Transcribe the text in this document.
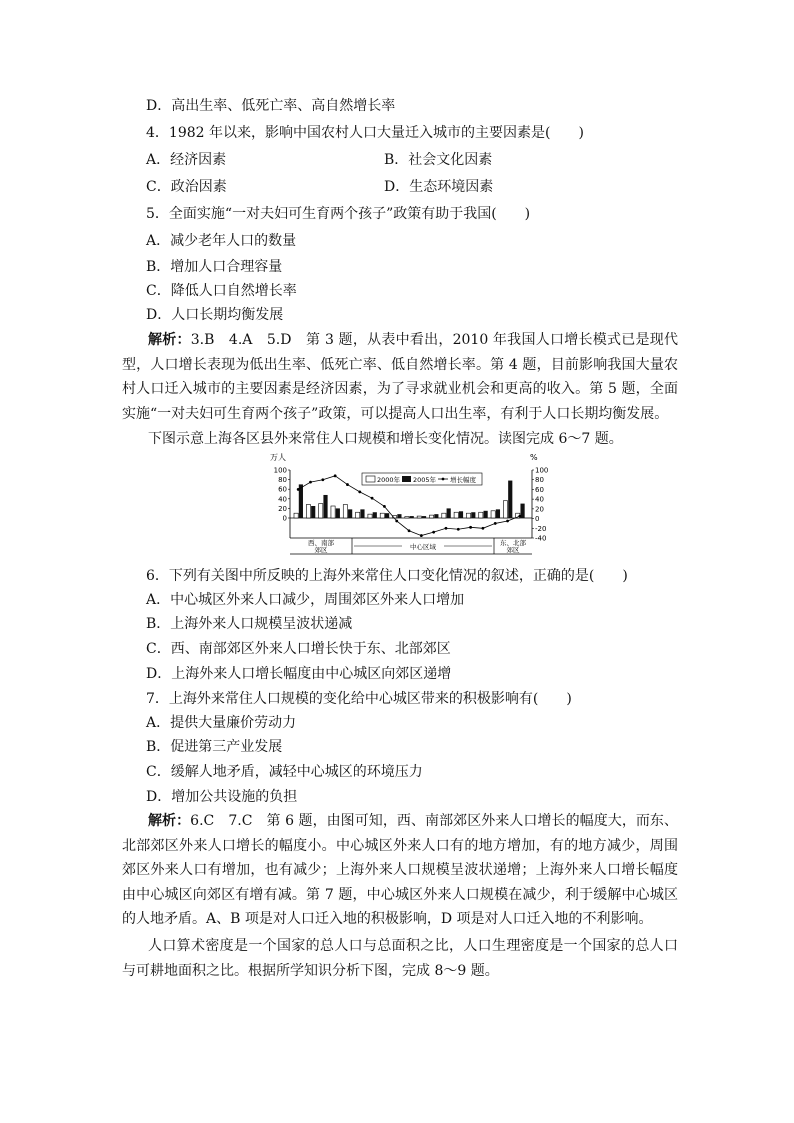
D．高出生率、低死亡率、高自然增长率
4．1982 年以来，影响中国农村人口大量迁入城市的主要因素是(　　)
A．经济因素	B．社会文化因素
C．政治因素	D．生态环境因素
5．全面实施“一对夫妇可生育两个孩子”政策有助于我国(　　)
A．减少老年人口的数量
B．增加人口合理容量
C．降低人口自然增长率
D．人口长期均衡发展
解析：3.B　4.A　5.D　第 3 题，从表中看出，2010 年我国人口增长模式已是现代型，人口增长表现为低出生率、低死亡率、低自然增长率。第 4 题，目前影响我国大量农村人口迁入城市的主要因素是经济因素，为了寻求就业机会和更高的收入。第 5 题，全面实施“一对夫妇可生育两个孩子”政策，可以提高人口出生率，有利于人口长期均衡发展。
下图示意上海各区县外来常住人口规模和增长变化情况。读图完成 6～7 题。
万人	%
100
80
60
40
20
0
100
80
60
40
20
0
-20
-40
2000年 2005年 增长幅度
西、南部
郊区	中心区域	东、北部
郊区
6．下列有关图中所反映的上海外来常住人口变化情况的叙述，正确的是(　　)
A．中心城区外来人口减少，周围郊区外来人口增加
B．上海外来人口规模呈波状递减
C．西、南部郊区外来人口增长快于东、北部郊区
D．上海外来人口增长幅度由中心城区向郊区递增
7．上海外来常住人口规模的变化给中心城区带来的积极影响有(　　)
A．提供大量廉价劳动力
B．促进第三产业发展
C．缓解人地矛盾，减轻中心城区的环境压力
D．增加公共设施的负担
解析：6.C　7.C　第 6 题，由图可知，西、南部郊区外来人口增长的幅度大，而东、北部郊区外来人口增长的幅度小。中心城区外来人口有的地方增加，有的地方减少，周围郊区外来人口有增加，也有减少；上海外来人口规模呈波状递增；上海外来人口增长幅度由中心城区向郊区有增有减。第 7 题，中心城区外来人口规模在减少，利于缓解中心城区的人地矛盾。A、B 项是对人口迁入地的积极影响，D 项是对人口迁入地的不利影响。
人口算术密度是一个国家的总人口与总面积之比，人口生理密度是一个国家的总人口与可耕地面积之比。根据所学知识分析下图，完成 8～9 题。
